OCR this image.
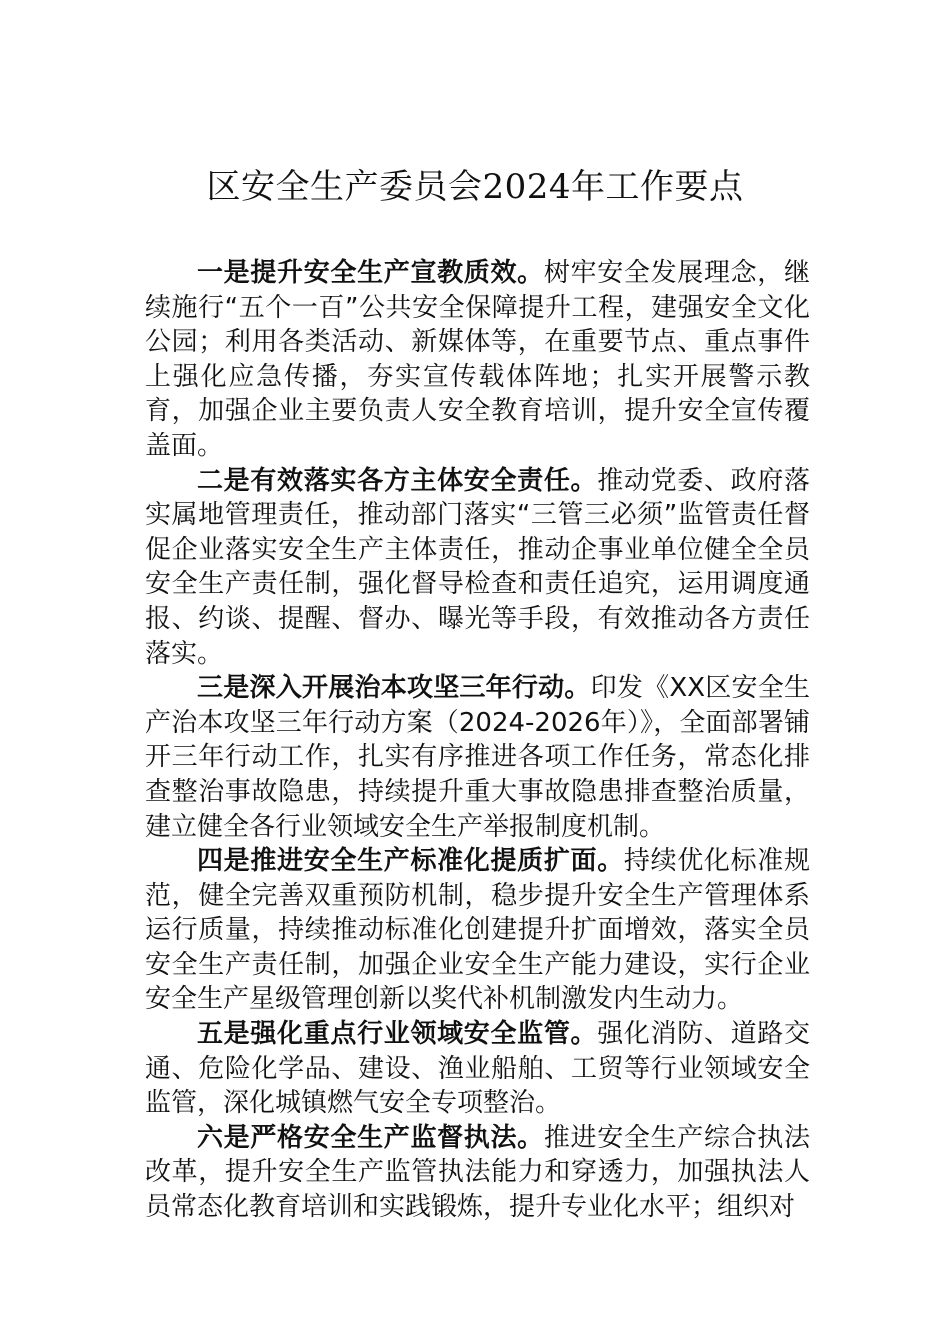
区安全生产委员会2024年工作要点

一是提升安全生产宣教质效。树牢安全发展理念，继续施行“五个一百”公共安全保障提升工程，建强安全文化公园；利用各类活动、新媒体等，在重要节点、重点事件上强化应急传播，夯实宣传载体阵地；扎实开展警示教育，加强企业主要负责人安全教育培训，提升安全宣传覆盖面。

二是有效落实各方主体安全责任。推动党委、政府落实属地管理责任，推动部门落实“三管三必须”监管责任督促企业落实安全生产主体责任，推动企事业单位健全全员安全生产责任制，强化督导检查和责任追究，运用调度通报、约谈、提醒、督办、曝光等手段，有效推动各方责任落实。

三是深入开展治本攻坚三年行动。印发《XX区安全生产治本攻坚三年行动方案（2024-2026年）》，全面部署铺开三年行动工作，扎实有序推进各项工作任务，常态化排查整治事故隐患，持续提升重大事故隐患排查整治质量，建立健全各行业领域安全生产举报制度机制。

四是推进安全生产标准化提质扩面。持续优化标准规范，健全完善双重预防机制，稳步提升安全生产管理体系运行质量，持续推动标准化创建提升扩面增效，落实全员安全生产责任制，加强企业安全生产能力建设，实行企业安全生产星级管理创新以奖代补机制激发内生动力。

五是强化重点行业领域安全监管。强化消防、道路交通、危险化学品、建设、渔业船舶、工贸等行业领域安全监管，深化城镇燃气安全专项整治。

六是严格安全生产监督执法。推进安全生产综合执法改革，提升安全生产监管执法能力和穿透力，加强执法人员常态化教育培训和实践锻炼，提升专业化水平；组织对
